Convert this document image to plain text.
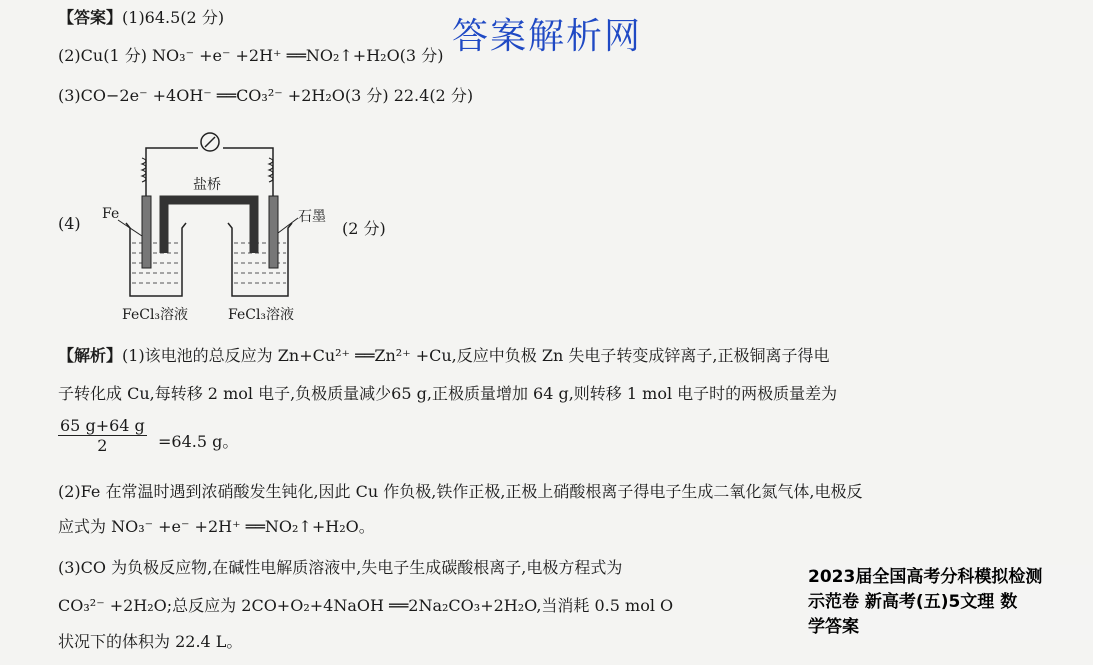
答案解析网
【答案】(1)64.5(2 分)
(2)Cu(1 分) NO₃⁻ +e⁻ +2H⁺ ══NO₂↑+H₂O(3 分)
(3)CO−2e⁻ +4OH⁻ ══CO₃²⁻ +2H₂O(3 分) 22.4(2 分)
(4)
盐桥
Fe	石墨
(2 分)
FeCl₃溶液	FeCl₃溶液
【解析】(1)该电池的总反应为 Zn+Cu²⁺ ══Zn²⁺ +Cu,反应中负极 Zn 失电子转变成锌离子,正极铜离子得电
子转化成 Cu,每转移 2 mol 电子,负极质量减少65 g,正极质量增加 64 g,则转移 1 mol 电子时的两极质量差为
65 g+64 g
2	=64.5 g。
(2)Fe 在常温时遇到浓硝酸发生钝化,因此 Cu 作负极,铁作正极,正极上硝酸根离子得电子生成二氧化氮气体,电极反
应式为 NO₃⁻ +e⁻ +2H⁺ ══NO₂↑+H₂O。
(3)CO 为负极反应物,在碱性电解质溶液中,失电子生成碳酸根离子,电极方程式为
CO₃²⁻ +2H₂O;总反应为 2CO+O₂+4NaOH ══2Na₂CO₃+2H₂O,当消耗 0.5 mol O
状况下的体积为 22.4 L。
2023届全国高考分科模拟检测
示范卷 新高考(五)5文理 数
学答案
